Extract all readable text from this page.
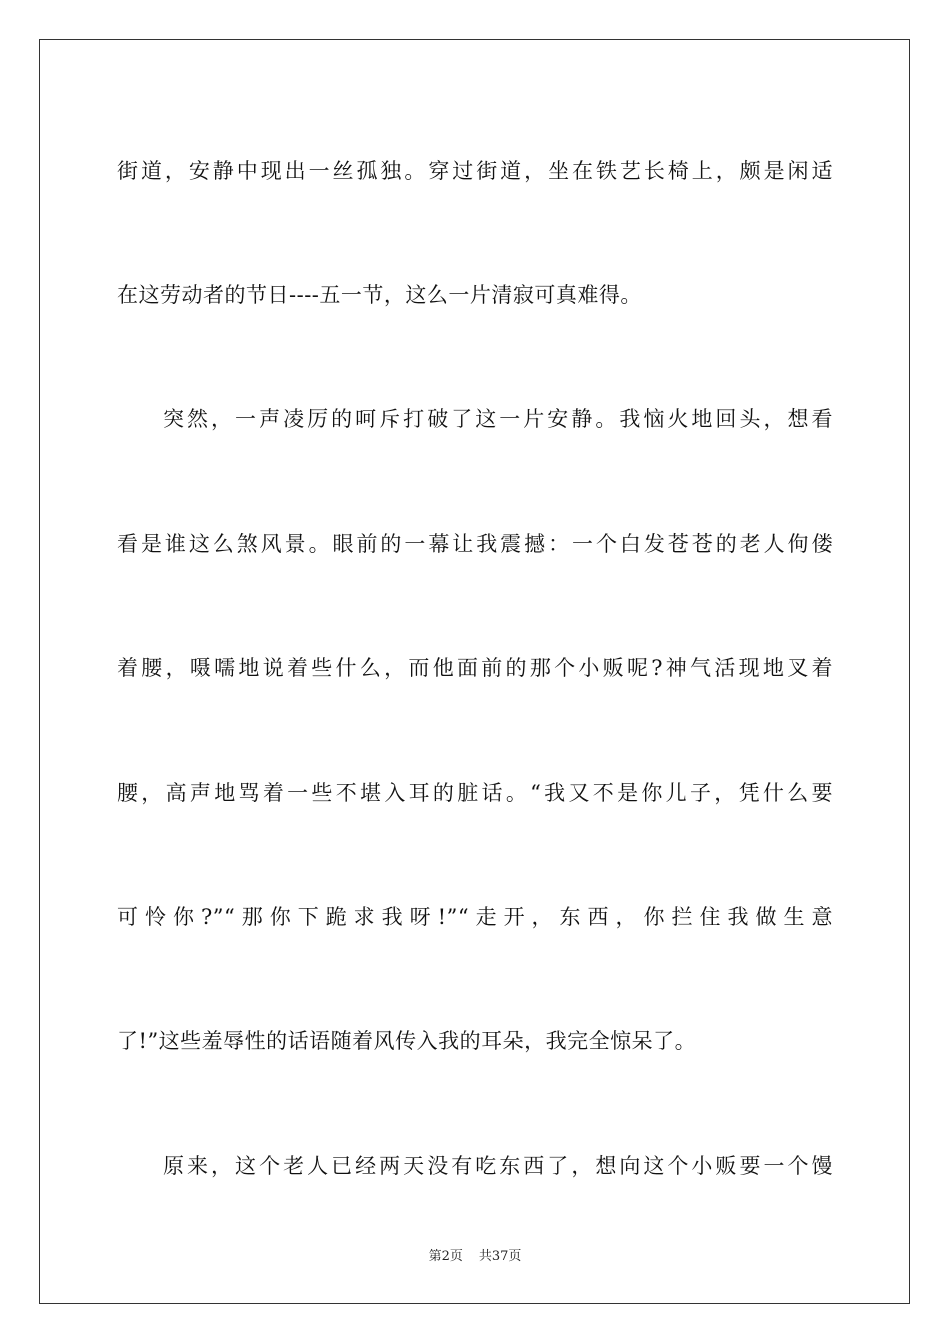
街道，安静中现出一丝孤独。穿过街道，坐在铁艺长椅上，颇是闲适

在这劳动者的节日----五一节，这么一片清寂可真难得。

突然，一声凌厉的呵斥打破了这一片安静。我恼火地回头，想看

看是谁这么煞风景。眼前的一幕让我震撼：一个白发苍苍的老人佝偻

着腰，嗫嚅地说着些什么，而他面前的那个小贩呢?神气活现地叉着

腰，高声地骂着一些不堪入耳的脏话。“我又不是你儿子，凭什么要

可怜你?”“那你下跪求我呀!”“走开，东西，你拦住我做生意

了!”这些羞辱性的话语随着风传入我的耳朵，我完全惊呆了。

原来，这个老人已经两天没有吃东西了，想向这个小贩要一个馒

第2页 共37页
